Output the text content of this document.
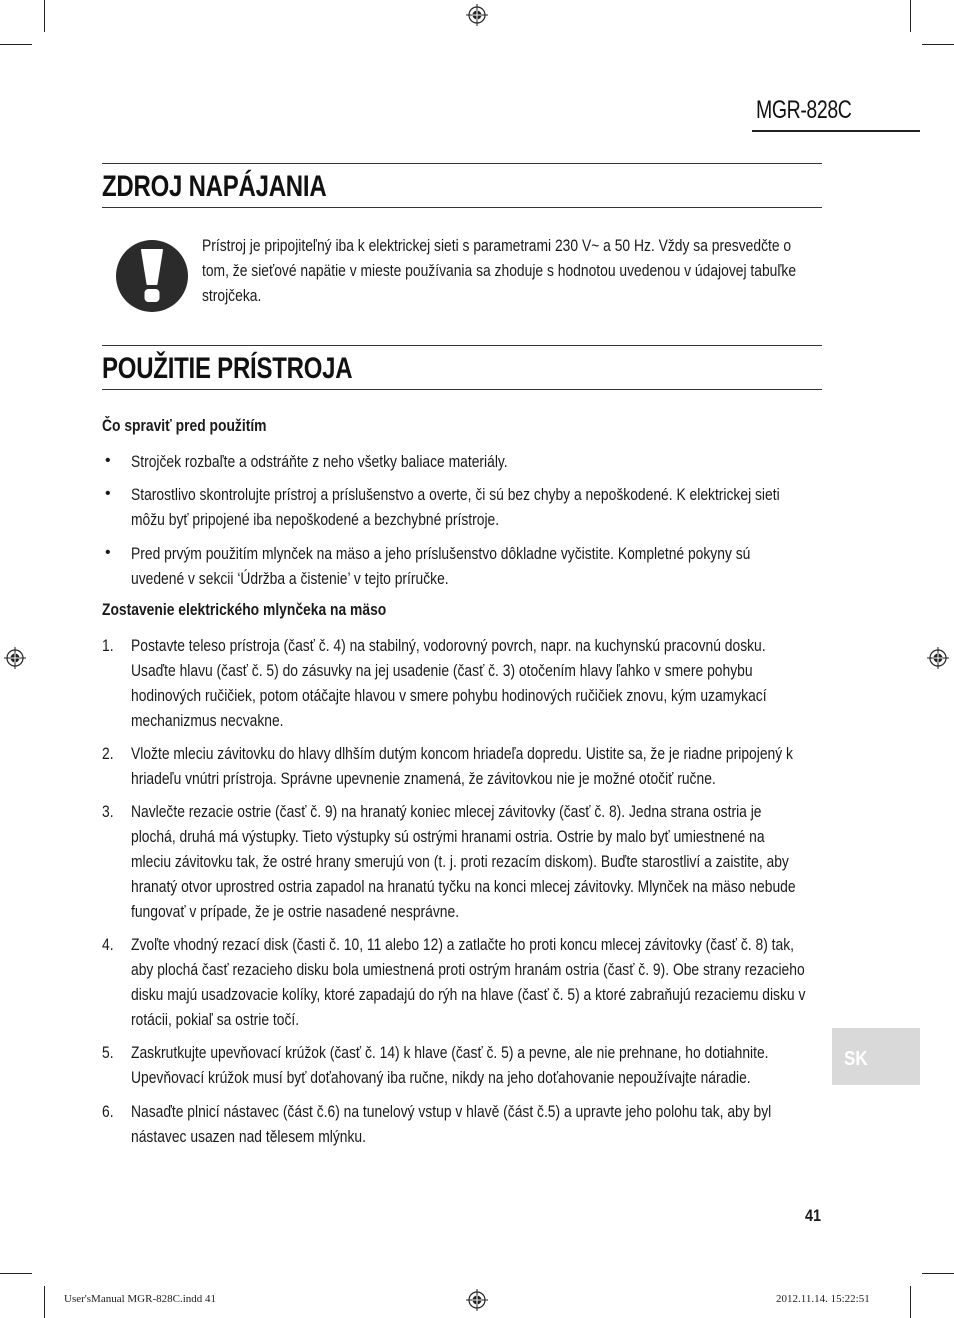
MGR-828C
ZDROJ NAPÁJANIA
Prístroj je pripojiteľný iba k elektrickej sieti s parametrami 230 V~ a 50 Hz. Vždy sa presvedčte o
tom, že sieťové napätie v mieste používania sa zhoduje s hodnotou uvedenou v údajovej tabuľke
strojčeka.
POUŽITIE PRÍSTROJA
Čo spraviť pred použitím
• Strojček rozbaľte a odstráňte z neho všetky baliace materiály.
• Starostlivo skontrolujte prístroj a príslušenstvo a overte, či sú bez chyby a nepoškodené. K elektrickej sieti
môžu byť pripojené iba nepoškodené a bezchybné prístroje.
• Pred prvým použitím mlynček na mäso a jeho príslušenstvo dôkladne vyčistite. Kompletné pokyny sú
uvedené v sekcii ‘Údržba a čistenie’ v tejto príručke.
Zostavenie elektrického mlynčeka na mäso
1. Postavte teleso prístroja (časť č. 4) na stabilný, vodorovný povrch, napr. na kuchynskú pracovnú dosku.
Usaďte hlavu (časť č. 5) do zásuvky na jej usadenie (časť č. 3) otočením hlavy ľahko v smere pohybu
hodinových ručičiek, potom otáčajte hlavou v smere pohybu hodinových ručičiek znovu, kým uzamykací
mechanizmus necvakne.
2. Vložte mleciu závitovku do hlavy dlhším dutým koncom hriadeľa dopredu. Uistite sa, že je riadne pripojený k
hriadeľu vnútri prístroja. Správne upevnenie znamená, že závitovkou nie je možné otočiť ručne.
3. Navlečte rezacie ostrie (časť č. 9) na hranatý koniec mlecej závitovky (časť č. 8). Jedna strana ostria je
plochá, druhá má výstupky. Tieto výstupky sú ostrými hranami ostria. Ostrie by malo byť umiestnené na
mleciu závitovku tak, že ostré hrany smerujú von (t. j. proti rezacím diskom). Buďte starostliví a zaistite, aby
hranatý otvor uprostred ostria zapadol na hranatú tyčku na konci mlecej závitovky. Mlynček na mäso nebude
fungovať v prípade, že je ostrie nasadené nesprávne.
4. Zvoľte vhodný rezací disk (časti č. 10, 11 alebo 12) a zatlačte ho proti koncu mlecej závitovky (časť č. 8) tak,
aby plochá časť rezacieho disku bola umiestnená proti ostrým hranám ostria (časť č. 9). Obe strany rezacieho
disku majú usadzovacie kolíky, ktoré zapadajú do rýh na hlave (časť č. 5) a ktoré zabraňujú rezaciemu disku v
rotácii, pokiaľ sa ostrie točí.
5. Zaskrutkujte upevňovací krúžok (časť č. 14) k hlave (časť č. 5) a pevne, ale nie prehnane, ho dotiahnite.
Upevňovací krúžok musí byť doťahovaný iba ručne, nikdy na jeho doťahovanie nepoužívajte náradie.
6. Nasaďte plnicí nástavec (část č.6) na tunelový vstup v hlavě (část č.5) a upravte jeho polohu tak, aby byl
nástavec usazen nad tělesem mlýnku.
SK
41
User'sManual MGR-828C.indd 41	2012.11.14. 15:22:51
